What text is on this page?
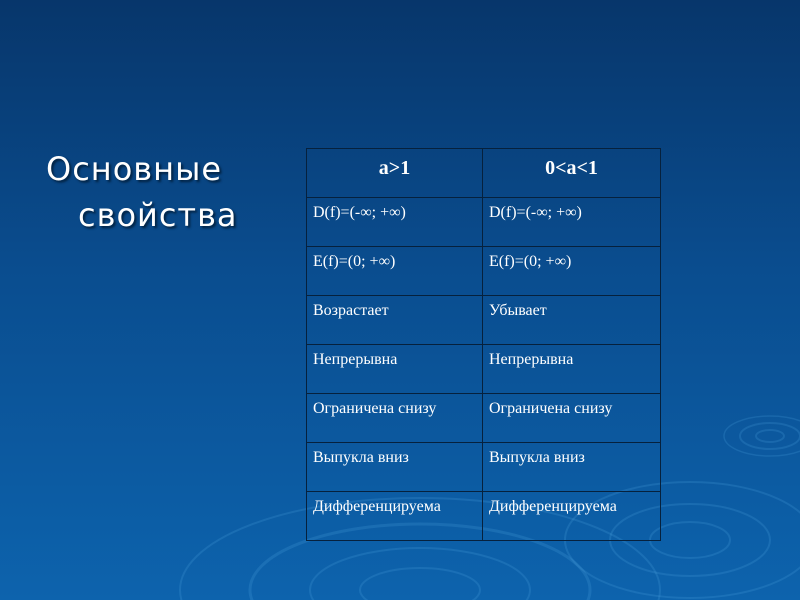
Основные
свойства
a>1	0<a<1
D(f)=(-∞; +∞)	D(f)=(-∞; +∞)
E(f)=(0; +∞)	E(f)=(0; +∞)
Возрастает	Убывает
Непрерывна	Непрерывна
Ограничена снизу	Ограничена снизу
Выпукла вниз	Выпукла вниз
Дифференцируема	Дифференцируема
